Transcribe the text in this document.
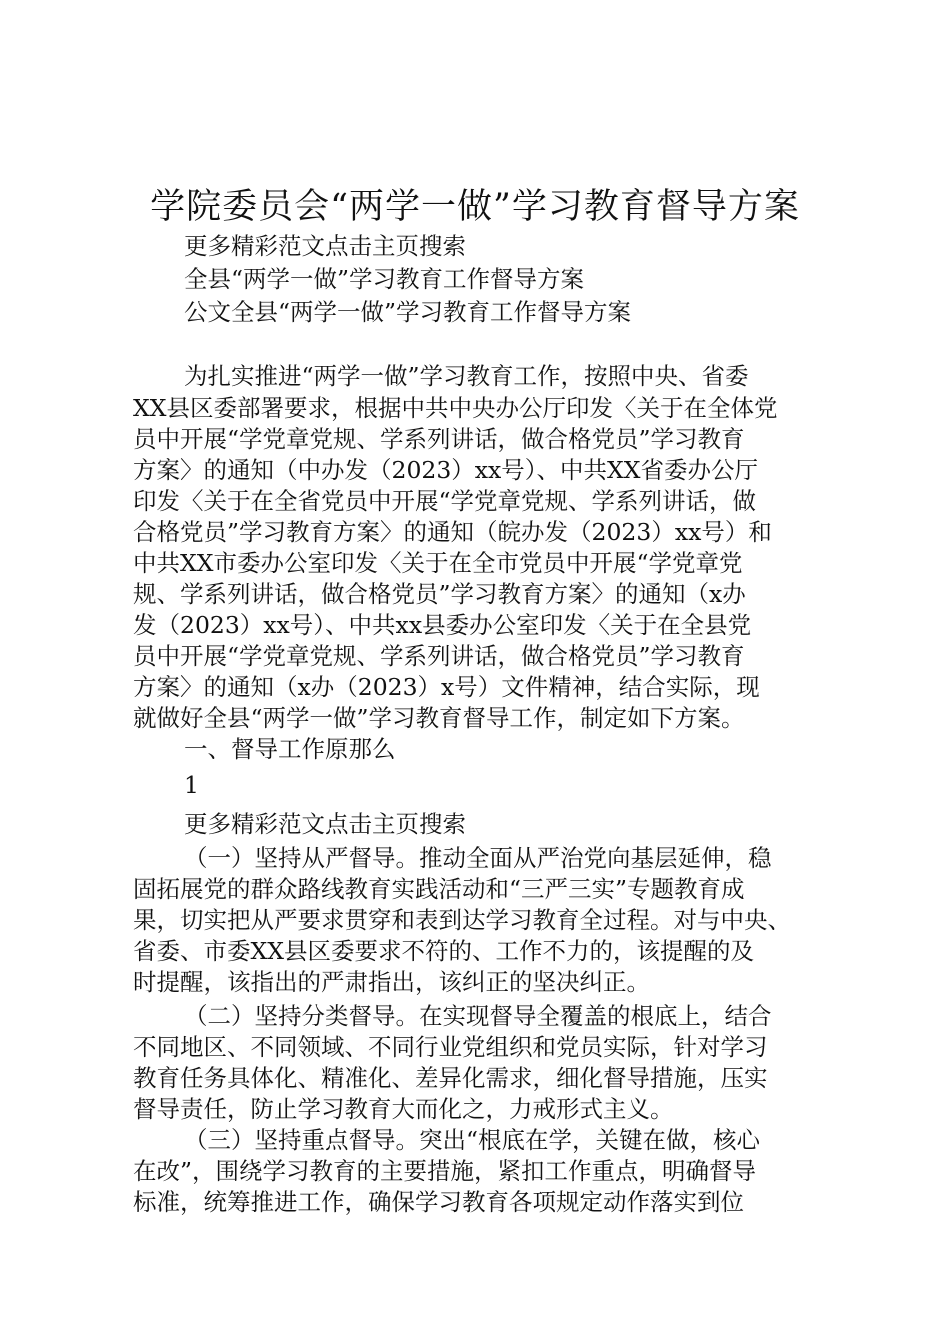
学院委员会“两学一做”学习教育督导方案
更多精彩范文点击主页搜索
全县“两学一做”学习教育工作督导方案
公文全县“两学一做”学习教育工作督导方案
为扎实推进“两学一做”学习教育工作，按照中央、省委
XX县区委部署要求，根据中共中央办公厅印发〈关于在全体党
员中开展“学党章党规、学系列讲话，做合格党员”学习教育
方案〉的通知（中办发（2023）xx号）、中共XX省委办公厅
印发〈关于在全省党员中开展“学党章党规、学系列讲话，做
合格党员”学习教育方案〉的通知（皖办发（2023）xx号）和
中共XX市委办公室印发〈关于在全市党员中开展“学党章党
规、学系列讲话，做合格党员”学习教育方案〉的通知（x办
发（2023）xx号）、中共xx县委办公室印发〈关于在全县党
员中开展“学党章党规、学系列讲话，做合格党员”学习教育
方案〉的通知（x办（2023）x号）文件精神，结合实际，现
就做好全县“两学一做”学习教育督导工作，制定如下方案。
一、督导工作原那么
1
更多精彩范文点击主页搜索
（一）坚持从严督导。推动全面从严治党向基层延伸，稳
固拓展党的群众路线教育实践活动和“三严三实”专题教育成
果，切实把从严要求贯穿和表到达学习教育全过程。对与中央、
省委、市委XX县区委要求不符的、工作不力的，该提醒的及
时提醒，该指出的严肃指出，该纠正的坚决纠正。
（二）坚持分类督导。在实现督导全覆盖的根底上，结合
不同地区、不同领域、不同行业党组织和党员实际，针对学习
教育任务具体化、精准化、差异化需求，细化督导措施，压实
督导责任，防止学习教育大而化之，力戒形式主义。
（三）坚持重点督导。突出“根底在学，关键在做，核心
在改”，围绕学习教育的主要措施，紧扣工作重点，明确督导
标准，统筹推进工作，确保学习教育各项规定动作落实到位
